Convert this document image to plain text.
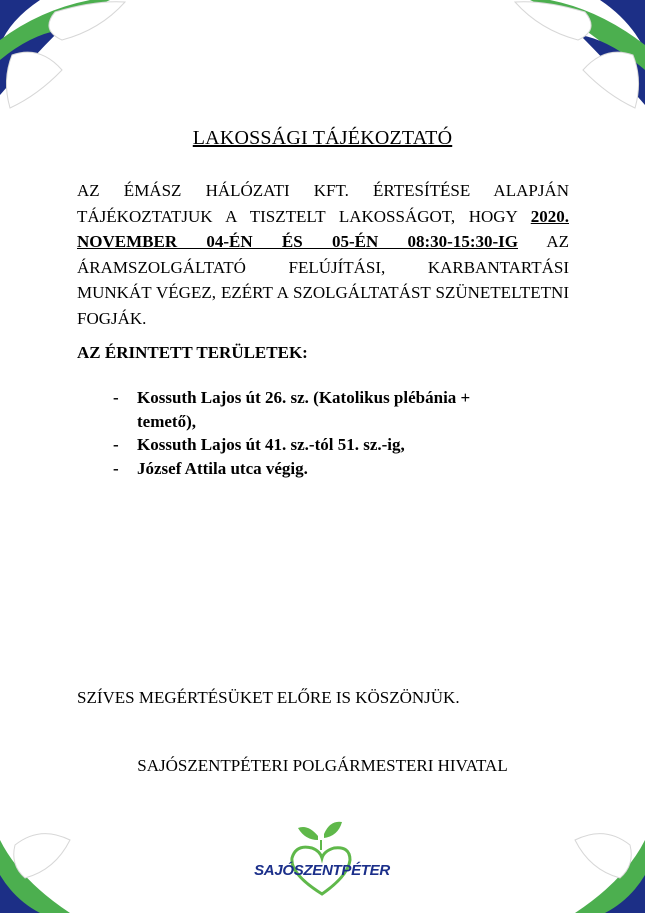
LAKOSSÁGI TÁJÉKOZTATÓ
AZ ÉMÁSZ HÁLÓZATI KFT. ÉRTESÍTÉSE ALAPJÁN TÁJÉKOZTATJUK A TISZTELT LAKOSSÁGOT, HOGY 2020. NOVEMBER 04-ÉN ÉS 05-ÉN 08:30-15:30-IG AZ ÁRAMSZOLGÁLTATÓ FELÚJÍTÁSI, KARBANTARTÁSI MUNKÁT VÉGEZ, EZÉRT A SZOLGÁLTATÁST SZÜNETELTETNI FOGJÁK.
AZ ÉRINTETT TERÜLETEK:
- Kossuth Lajos út 26. sz. (Katolikus plébánia + temető),
- Kossuth Lajos út 41. sz.-tól 51. sz.-ig,
- József Attila utca végig.
SZÍVES MEGÉRTÉSÜKET ELŐRE IS KÖSZÖNJÜK.
SAJÓSZENTPÉTERI POLGÁRMESTERI HIVATAL
SAJÓSZENTPÉTER
